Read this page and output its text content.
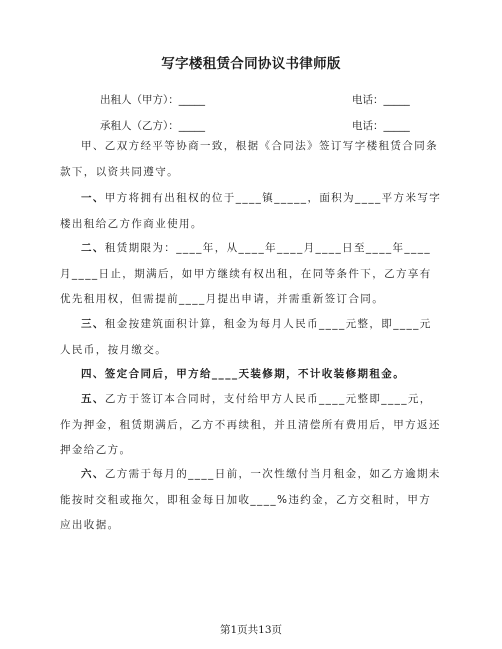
写字楼租赁合同协议书律师版
出租人（甲方）：_____	电话：_____
承租人（乙方）：_____	电话：_____

甲、乙双方经平等协商一致，根据《合同法》签订写字楼租赁合同条款下，以资共同遵守。

一、甲方将拥有出租权的位于____镇_____，面积为____平方米写字楼出租给乙方作商业使用。

二、租赁期限为：____年，从____年____月____日至____年____月____日止，期满后，如甲方继续有权出租，在同等条件下，乙方享有优先租用权，但需提前____月提出申请，并需重新签订合同。

三、租金按建筑面积计算，租金为每月人民币____元整，即____元人民币，按月缴交。

四、签定合同后，甲方给____天装修期，不计收装修期租金。

五、乙方于签订本合同时，支付给甲方人民币____元整即____元，作为押金，租赁期满后，乙方不再续租，并且清偿所有费用后，甲方返还押金给乙方。

六、乙方需于每月的____日前，一次性缴付当月租金，如乙方逾期未能按时交租或拖欠，即租金每日加收____%违约金，乙方交租时，甲方应出收据。

第1页共13页
